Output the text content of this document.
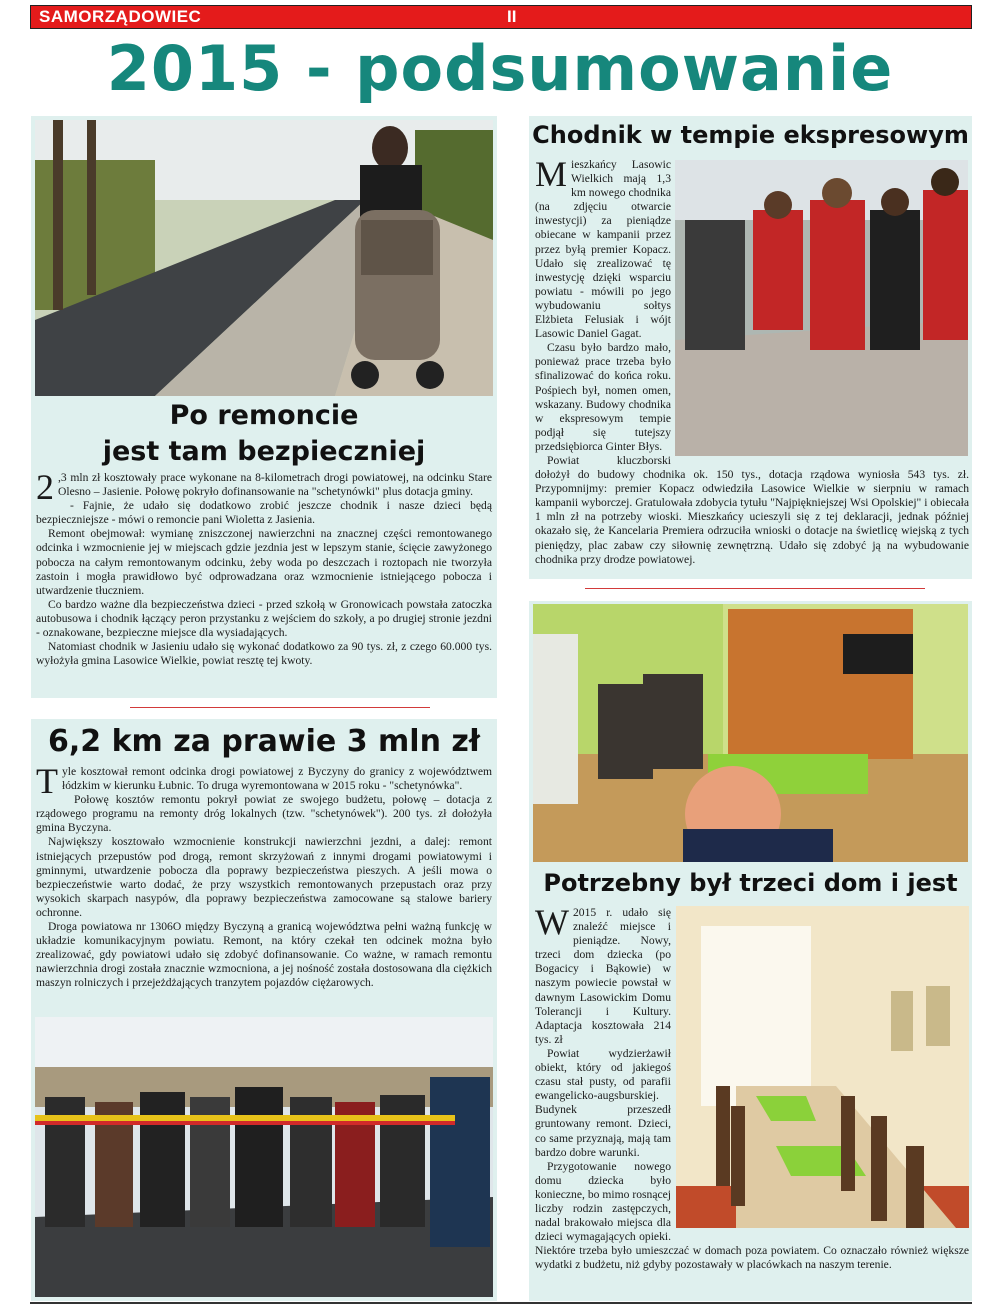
SAMORZĄDOWIEC	II
2015 - podsumowanie
Po remoncie
jest tam bezpieczniej

2 ,3 mln zł kosztowały prace wykonane na 8-kilometrach drogi powiatowej, na odcinku Stare Olesno – Jasienie. Połowę pokryło dofinansowanie na "schetynówki" plus dotacja gminy.

- Fajnie, że udało się dodatkowo zrobić jeszcze chodnik i nasze dzieci będą bezpieczniejsze - mówi o remoncie pani Wioletta z Jasienia.

Remont obejmował: wymianę zniszczonej nawierzchni na znacznej części remontowanego odcinka i wzmocnienie jej w miejscach gdzie jezdnia jest w lepszym stanie, ścięcie zawyżonego pobocza na całym remontowanym odcinku, żeby woda po deszczach i roztopach nie tworzyła zastoin i mogła prawidłowo być odprowadzana oraz wzmocnienie istniejącego pobocza i utwardzenie tłuczniem.

Co bardzo ważne dla bezpieczeństwa dzieci - przed szkołą w Gronowicach powstała zatoczka autobusowa i chodnik łączący peron przystanku z wejściem do szkoły, a po drugiej stronie jezdni - oznakowane, bezpieczne miejsce dla wysiadających.

Natomiast chodnik w Jasieniu udało się wykonać dodatkowo za 90 tys. zł, z czego 60.000 tys. wyłożyła gmina Lasowice Wielkie, powiat resztę tej kwoty.

6,2 km za prawie 3 mln zł

Tyle kosztował remont odcinka drogi powiatowej z Byczyny do granicy z województwem łódzkim w kierunku Łubnic. To druga wyremontowana w 2015 roku - "schetynówka".

Połowę kosztów remontu pokrył powiat ze swojego budżetu, połowę – dotacja z rządowego programu na remonty dróg lokalnych (tzw. "schetynówek"). 200 tys. zł dołożyła gmina Byczyna.

Największy kosztowało wzmocnienie konstrukcji nawierzchni jezdni, a dalej: remont istniejących przepustów pod drogą, remont skrzyżowań z innymi drogami powiatowymi i gminnymi, utwardzenie pobocza dla poprawy bezpieczeństwa pieszych. A jeśli mowa o bezpieczeństwie warto dodać, że przy wszystkich remontowanych przepustach oraz przy wysokich skarpach nasypów, dla poprawy bezpieczeństwa zamocowane są stalowe bariery ochronne.

Droga powiatowa nr 1306O między Byczyną a granicą województwa pełni ważną funkcję w układzie komunikacyjnym powiatu. Remont, na który czekał ten odcinek można było zrealizować, gdy powiatowi udało się zdobyć dofinansowanie. Co ważne, w ramach remontu nawierzchnia drogi została znacznie wzmocniona, a jej nośność została dostosowana dla ciężkich maszyn rolniczych i przejeżdżających tranzytem pojazdów ciężarowych.

Chodnik w tempie ekspresowym

Mieszkańcy Lasowic Wielkich mają 1,3 km nowego chodnika (na zdjęciu otwarcie inwestycji) za pieniądze obiecane w kampanii przez przez byłą premier Kopacz. Udało się zrealizować tę inwestycję dzięki wsparciu powiatu - mówili po jego wybudowaniu sołtys Elżbieta Felusiak i wójt Lasowic Daniel Gagat.

Czasu było bardzo mało, ponieważ prace trzeba było sfinalizować do końca roku. Pośpiech był, nomen omen, wskazany. Budowy chodnika w ekspresowym tempie podjął się tutejszy przedsiębiorca Ginter Błys.

Powiat kluczborski dołożył do budowy chodnika ok. 150 tys., dotacja rządowa wyniosła 543 tys. zł. Przypomnijmy: premier Kopacz odwiedziła Lasowice Wielkie w sierpniu w ramach kampanii wyborczej. Gratulowała zdobycia tytułu "Najpiękniejszej Wsi Opolskiej" i obiecała 1 mln zł na potrzeby wioski. Mieszkańcy ucieszyli się z tej deklaracji, jednak później okazało się, że Kancelaria Premiera odrzuciła wnioski o dotacje na świetlicę wiejską z tych pieniędzy, plac zabaw czy siłownię zewnętrzną. Udało się zdobyć ją na wybudowanie chodnika przy drodze powiatowej.

Potrzebny był trzeci dom i jest

W 2015 r. udało się znaleźć miejsce i pieniądze. Nowy, trzeci dom dziecka (po Bogacicy i Bąkowie) w naszym powiecie powstał w dawnym Lasowickim Domu Tolerancji i Kultury. Adaptacja kosztowała 214 tys. zł

Powiat wydzierżawił obiekt, który od jakiegoś czasu stał pusty, od parafii ewangelicko-augsburskiej. Budynek przeszedł gruntowany remont. Dzieci, co same przyznają, mają tam bardzo dobre warunki.

Przygotowanie nowego domu dziecka było konieczne, bo mimo rosnącej liczby rodzin zastępczych, nadal brakowało miejsca dla dzieci wymagających opieki. Niektóre trzeba było umieszczać w domach poza powiatem. Co oznaczało również większe wydatki z budżetu, niż gdyby pozostawały w placówkach na naszym terenie.
